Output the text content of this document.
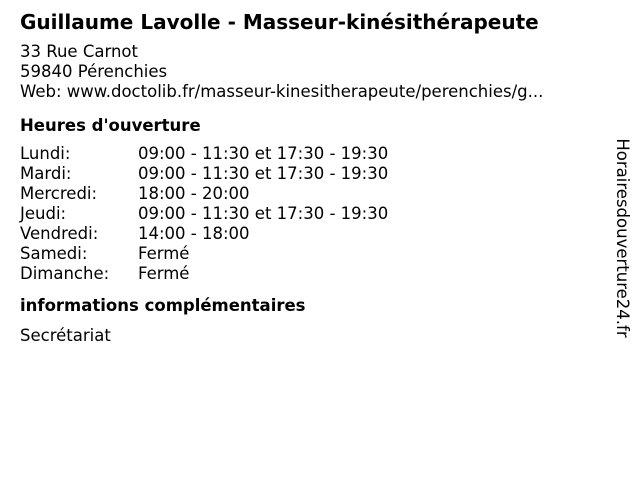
Guillaume Lavolle - Masseur-kinésithérapeute
33 Rue Carnot
59840 Pérenchies
Web: www.doctolib.fr/masseur-kinesitherapeute/perenchies/g...
Heures d'ouverture
Lundi:	09:00 - 11:30 et 17:30 - 19:30
Mardi:	09:00 - 11:30 et 17:30 - 19:30
Mercredi:	18:00 - 20:00
Jeudi:	09:00 - 11:30 et 17:30 - 19:30
Vendredi:	14:00 - 18:00
Samedi:	Fermé
Dimanche:	Fermé
informations complémentaires
Secrétariat	Horairesdouverture24.fr
